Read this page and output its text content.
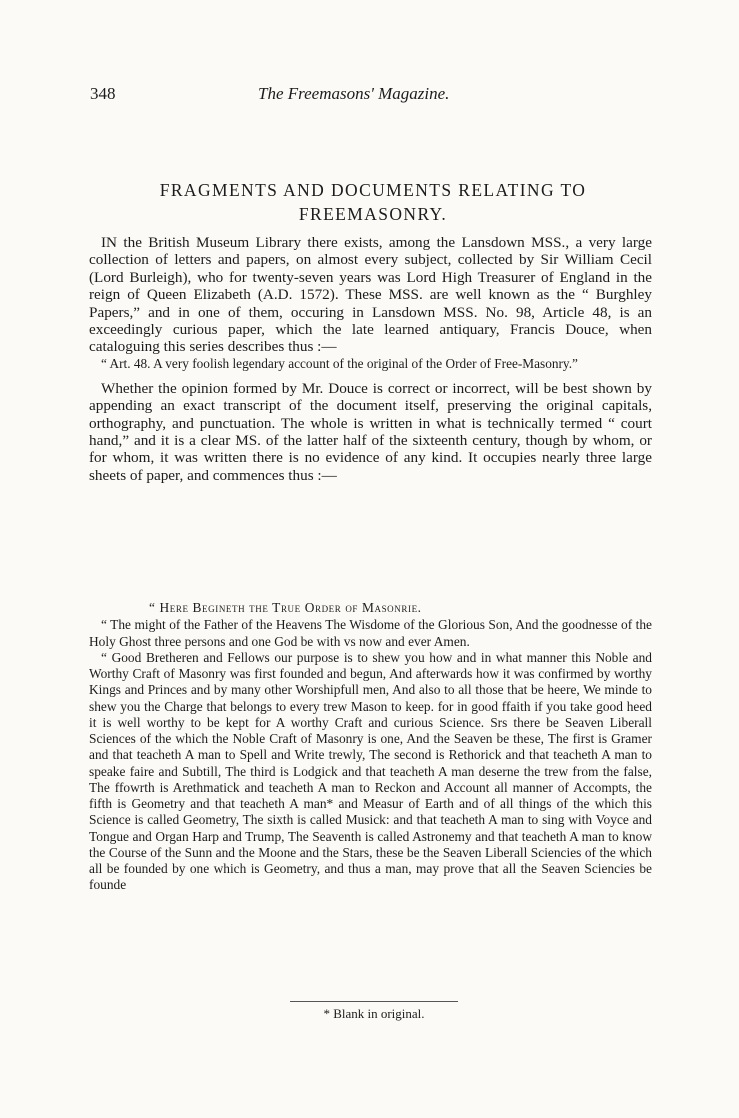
348	The Freemasons' Magazine.
FRAGMENTS AND DOCUMENTS RELATING TO
FREEMASONRY.

IN the British Museum Library there exists, among the Lansdown MSS., a very large collection of letters and papers, on almost every subject, collected by Sir William Cecil (Lord Burleigh), who for twenty-seven years was Lord High Treasurer of England in the reign of Queen Elizabeth (A.D. 1572). These MSS. are well known as the “ Burghley Papers,” and in one of them, occuring in Lansdown MSS. No. 98, Article 48, is an exceedingly curious paper, which the late learned antiquary, Francis Douce, when cataloguing this series describes thus :—

“ Art. 48. A very foolish legendary account of the original of the Order of Free-Masonry.”

Whether the opinion formed by Mr. Douce is correct or incorrect, will be best shown by appending an exact transcript of the document itself, preserving the original capitals, orthography, and punctuation. The whole is written in what is technically termed “ court hand,” and it is a clear MS. of the latter half of the sixteenth century, though by whom, or for whom, it was written there is no evidence of any kind. It occupies nearly three large sheets of paper, and commences thus :—

“ Here Begineth the True Order of Masonrie.

“ The might of the Father of the Heavens The Wisdome of the Glorious Son, And the goodnesse of the Holy Ghost three persons and one God be with vs now and ever Amen.

“ Good Bretheren and Fellows our purpose is to shew you how and in what manner this Noble and Worthy Craft of Masonry was first founded and begun, And afterwards how it was confirmed by worthy Kings and Princes and by many other Worshipfull men, And also to all those that be heere, We minde to shew you the Charge that belongs to every trew Mason to keep. for in good ffaith if you take good heed it is well worthy to be kept for A worthy Craft and curious Science. Srs there be Seaven Liberall Sciences of the which the Noble Craft of Masonry is one, And the Seaven be these, The first is Gramer and that teacheth A man to Spell and Write trewly, The second is Rethorick and that teacheth A man to speake faire and Subtill, The third is Lodgick and that teacheth A man deserne the trew from the false, The ffowrth is Arethmatick and teacheth A man to Reckon and Account all manner of Accompts, the fifth is Geometry and that teacheth A man* and Measur of Earth and of all things of the which this Science is called Geometry, The sixth is called Musick: and that teacheth A man to sing with Voyce and Tongue and Organ Harp and Trump, The Seaventh is called Astronemy and that teacheth A man to know the Course of the Sunn and the Moone and the Stars, these be the Seaven Liberall Sciencies of the which all be founded by one which is Geometry, and thus a man, may prove that all the Seaven Sciencies be founde

* Blank in original.
